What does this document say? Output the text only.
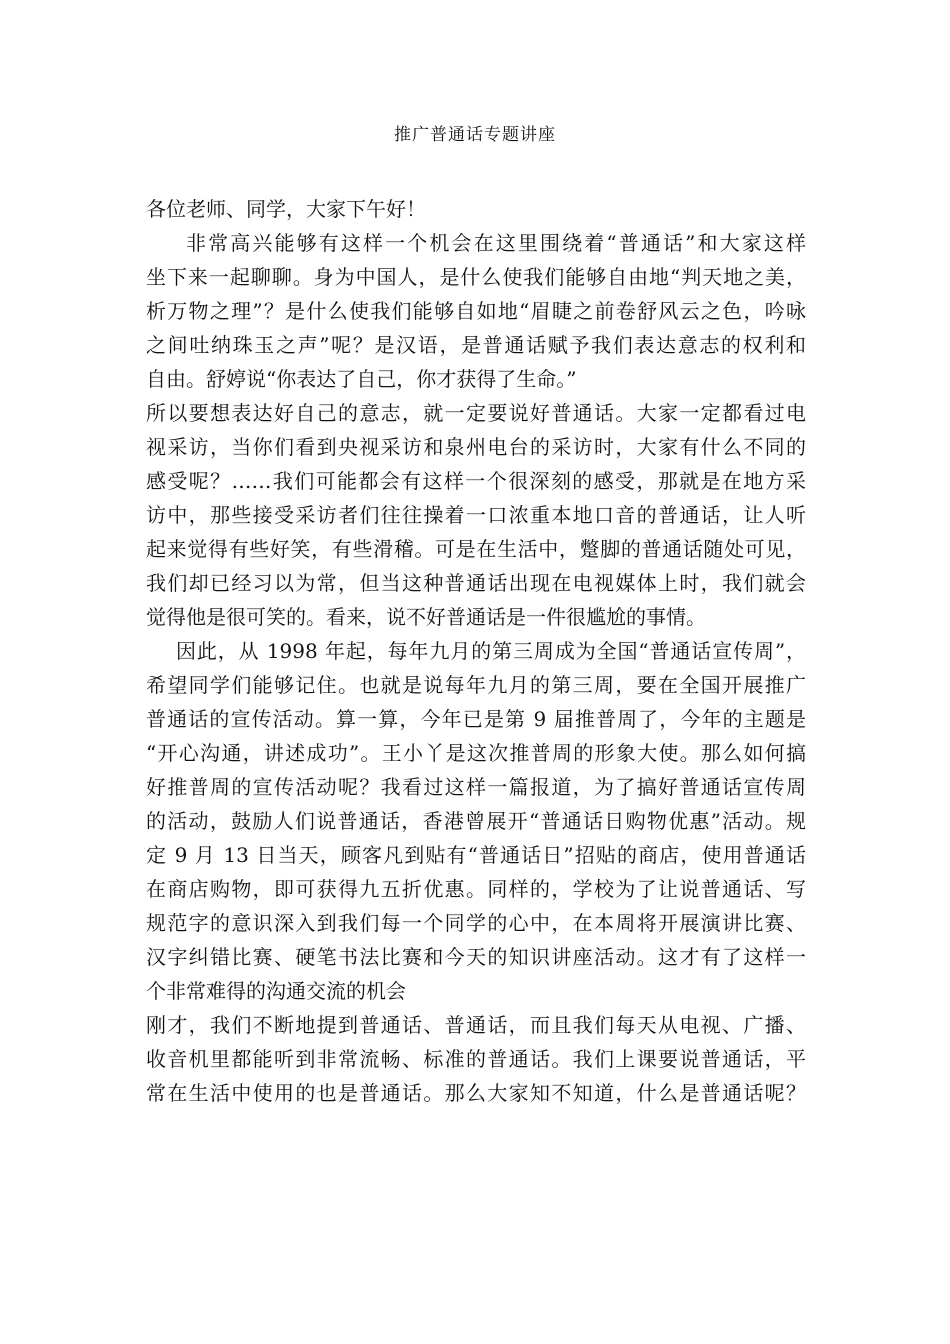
推广普通话专题讲座
各位老师、同学，大家下午好！
非常高兴能够有这样一个机会在这里围绕着“普通话”和大家这样
坐下来一起聊聊。身为中国人，是什么使我们能够自由地“判天地之美，
析万物之理”？是什么使我们能够自如地“眉睫之前卷舒风云之色，吟咏
之间吐纳珠玉之声”呢？是汉语，是普通话赋予我们表达意志的权利和
自由。舒婷说“你表达了自己，你才获得了生命。”
所以要想表达好自己的意志，就一定要说好普通话。大家一定都看过电
视采访，当你们看到央视采访和泉州电台的采访时，大家有什么不同的
感受呢？……我们可能都会有这样一个很深刻的感受，那就是在地方采
访中，那些接受采访者们往往操着一口浓重本地口音的普通话，让人听
起来觉得有些好笑，有些滑稽。可是在生活中，蹩脚的普通话随处可见，
我们却已经习以为常，但当这种普通话出现在电视媒体上时，我们就会
觉得他是很可笑的。看来，说不好普通话是一件很尴尬的事情。
因此，从 1998 年起，每年九月的第三周成为全国“普通话宣传周”，
希望同学们能够记住。也就是说每年九月的第三周，要在全国开展推广
普通话的宣传活动。算一算，今年已是第 9 届推普周了，今年的主题是
“开心沟通，讲述成功”。王小丫是这次推普周的形象大使。那么如何搞
好推普周的宣传活动呢？我看过这样一篇报道，为了搞好普通话宣传周
的活动，鼓励人们说普通话，香港曾展开“普通话日购物优惠”活动。规
定 9 月 13 日当天，顾客凡到贴有“普通话日”招贴的商店，使用普通话
在商店购物，即可获得九五折优惠。同样的，学校为了让说普通话、写
规范字的意识深入到我们每一个同学的心中，在本周将开展演讲比赛、
汉字纠错比赛、硬笔书法比赛和今天的知识讲座活动。这才有了这样一
个非常难得的沟通交流的机会
刚才，我们不断地提到普通话、普通话，而且我们每天从电视、广播、
收音机里都能听到非常流畅、标准的普通话。我们上课要说普通话，平
常在生活中使用的也是普通话。那么大家知不知道，什么是普通话呢？
